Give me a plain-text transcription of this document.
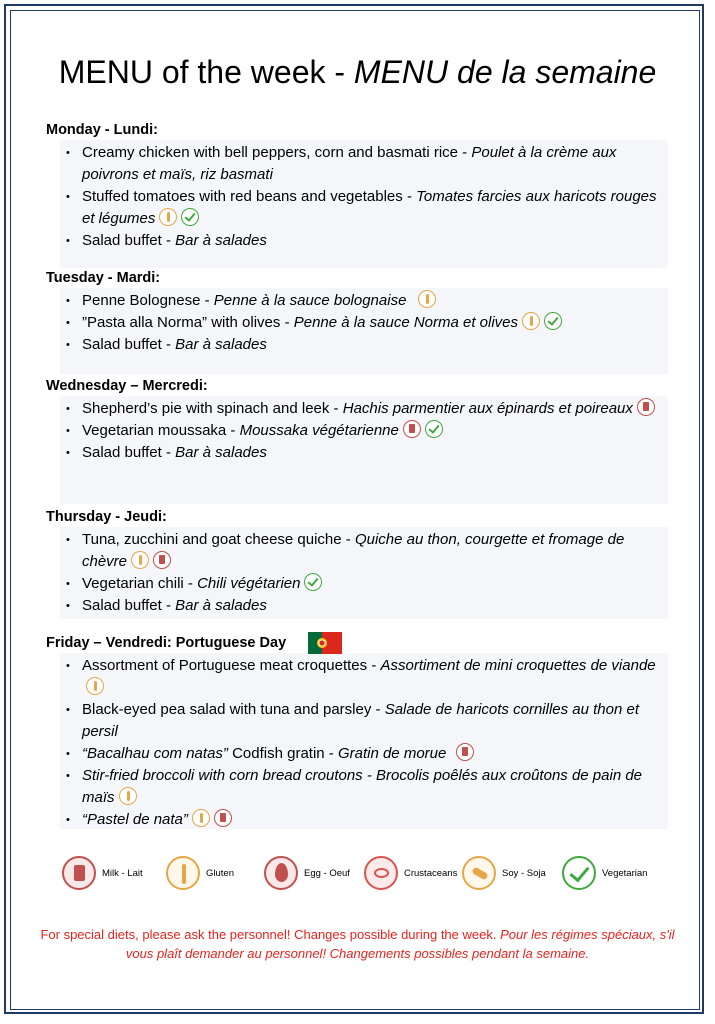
MENU of the week - MENU de la semaine
Monday - Lundi:
• Creamy chicken with bell peppers, corn and basmati rice - Poulet à la crème aux poivrons et maïs, riz basmati
• Stuffed tomatoes with red beans and vegetables - Tomates farcies aux haricots rouges et légumes
• Salad buffet - Bar à salades
Tuesday - Mardi:
• Penne Bolognese - Penne à la sauce bolognaise
• ”Pasta alla Norma” with olives - Penne à la sauce Norma et olives
• Salad buffet - Bar à salades
Wednesday – Mercredi:
• Shepherd’s pie with spinach and leek - Hachis parmentier aux épinards et poireaux
• Vegetarian moussaka - Moussaka végétarienne
• Salad buffet - Bar à salades
Thursday - Jeudi:
• Tuna, zucchini and goat cheese quiche - Quiche au thon, courgette et fromage de chèvre
• Vegetarian chili - Chili végétarien
• Salad buffet - Bar à salades
Friday – Vendredi: Portuguese Day
• Assortment of Portuguese meat croquettes - Assortiment de mini croquettes de viande
• Black-eyed pea salad with tuna and parsley - Salade de haricots cornilles au thon et persil
• “Bacalhau com natas” Codfish gratin - Gratin de morue
• Stir-fried broccoli with corn bread croutons - Brocolis poêlés aux croûtons de pain de maïs
• “Pastel de nata”
Milk - Lait	Gluten	Egg - Oeuf	Crustaceans	Soy - Soja	Vegetarian
For special diets, please ask the personnel! Changes possible during the week. Pour les régimes spéciaux, s'il vous plaît demander au personnel! Changements possibles pendant la semaine.
